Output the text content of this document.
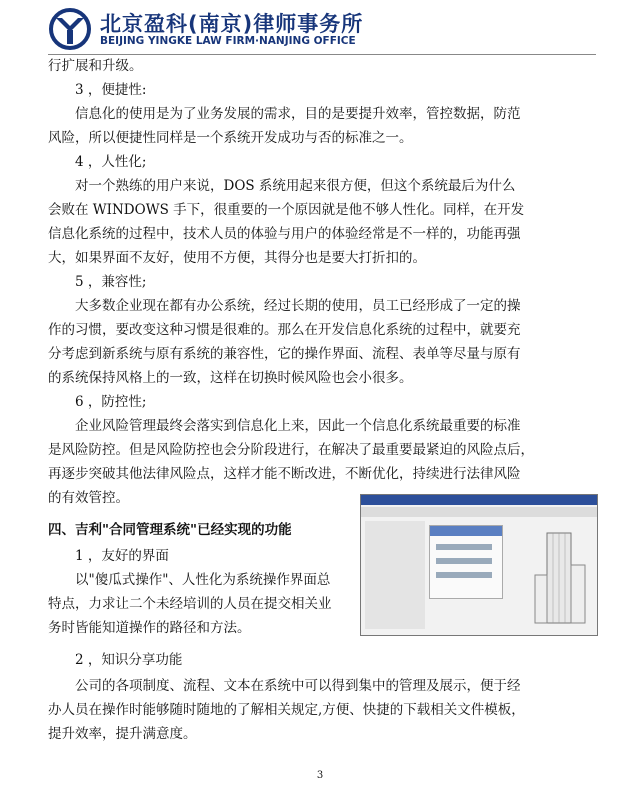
北京盈科(南京)律师事务所
BEIJING YINGKE LAW FIRM·NANJING OFFICE
行扩展和升级。
3 ，便捷性:
信息化的使用是为了业务发展的需求，目的是要提升效率，管控数据，防范
风险，所以便捷性同样是一个系统开发成功与否的标准之一。
4 ，人性化;
对一个熟练的用户来说，DOS 系统用起来很方便，但这个系统最后为什么
会败在 WINDOWS 手下，很重要的一个原因就是他不够人性化。同样，在开发
信息化系统的过程中，技术人员的体验与用户的体验经常是不一样的，功能再强
大，如果界面不友好，使用不方便，其得分也是要大打折扣的。
5 ，兼容性;
大多数企业现在都有办公系统，经过长期的使用，员工已经形成了一定的操
作的习惯，要改变这种习惯是很难的。那么在开发信息化系统的过程中，就要充
分考虑到新系统与原有系统的兼容性，它的操作界面、流程、表单等尽量与原有
的系统保持风格上的一致，这样在切换时候风险也会小很多。
6 ，防控性;
企业风险管理最终会落实到信息化上来，因此一个信息化系统最重要的标准
是风险防控。但是风险防控也会分阶段进行，在解决了最重要最紧迫的风险点后，
再逐步突破其他法律风险点，这样才能不断改进，不断优化，持续进行法律风险
的有效管控。
四、吉利"合同管理系统"已经实现的功能
1 ，友好的界面
以"傻瓜式操作"、人性化为系统操作界面总
特点，力求让二个未经培训的人员在提交相关业
务时皆能知道操作的路径和方法。
2 ，知识分享功能
公司的各项制度、流程、文本在系统中可以得到集中的管理及展示，便于经
办人员在操作时能够随时随地的了解相关规定,方便、快捷的下载相关文件模板，
提升效率，提升满意度。
3
